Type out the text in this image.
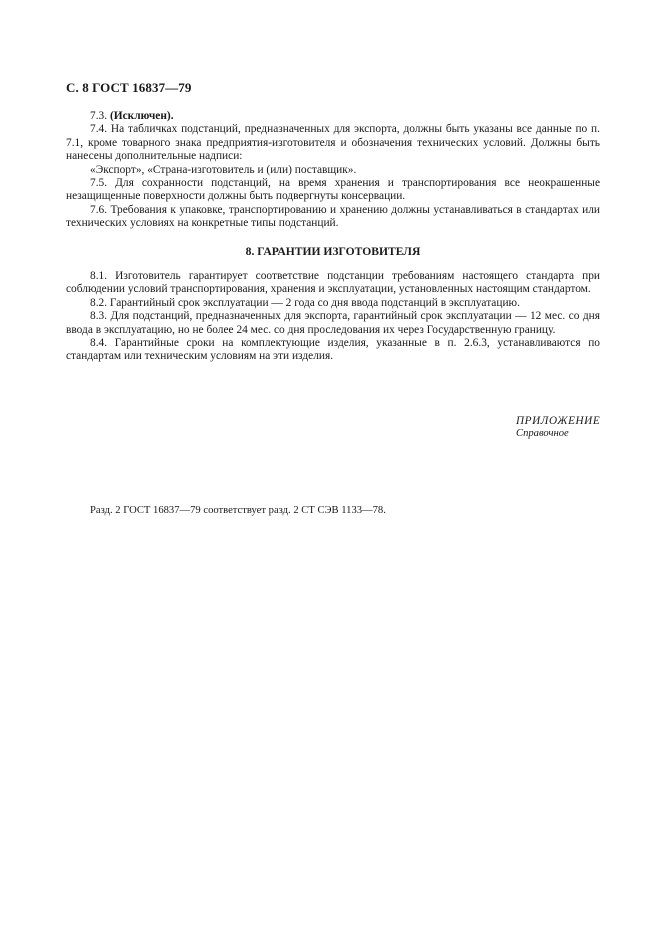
С. 8 ГОСТ 16837—79

7.3. (Исключен).

7.4. На табличках подстанций, предназначенных для экспорта, должны быть указаны все данные по п. 7.1, кроме товарного знака предприятия-изготовителя и обозначения технических условий. Должны быть нанесены дополнительные надписи:

«Экспорт», «Страна-изготовитель и (или) поставщик».

7.5. Для сохранности подстанций, на время хранения и транспортирования все неокрашенные незащищенные поверхности должны быть подвергнуты консервации.

7.6. Требования к упаковке, транспортированию и хранению должны устанавливаться в стандартах или технических условиях на конкретные типы подстанций.

8. ГАРАНТИИ ИЗГОТОВИТЕЛЯ

8.1. Изготовитель гарантирует соответствие подстанции требованиям настоящего стандарта при соблюдении условий транспортирования, хранения и эксплуатации, установленных настоящим стандартом.

8.2. Гарантийный срок эксплуатации — 2 года со дня ввода подстанций в эксплуатацию.

8.3. Для подстанций, предназначенных для экспорта, гарантийный срок эксплуатации — 12 мес. со дня ввода в эксплуатацию, но не более 24 мес. со дня проследования их через Государственную границу.

8.4. Гарантийные сроки на комплектующие изделия, указанные в п. 2.6.3, устанавливаются по стандартам или техническим условиям на эти изделия.

ПРИЛОЖЕНИЕ
Справочное
Разд. 2 ГОСТ 16837—79 соответствует разд. 2 СТ СЭВ 1133—78.
